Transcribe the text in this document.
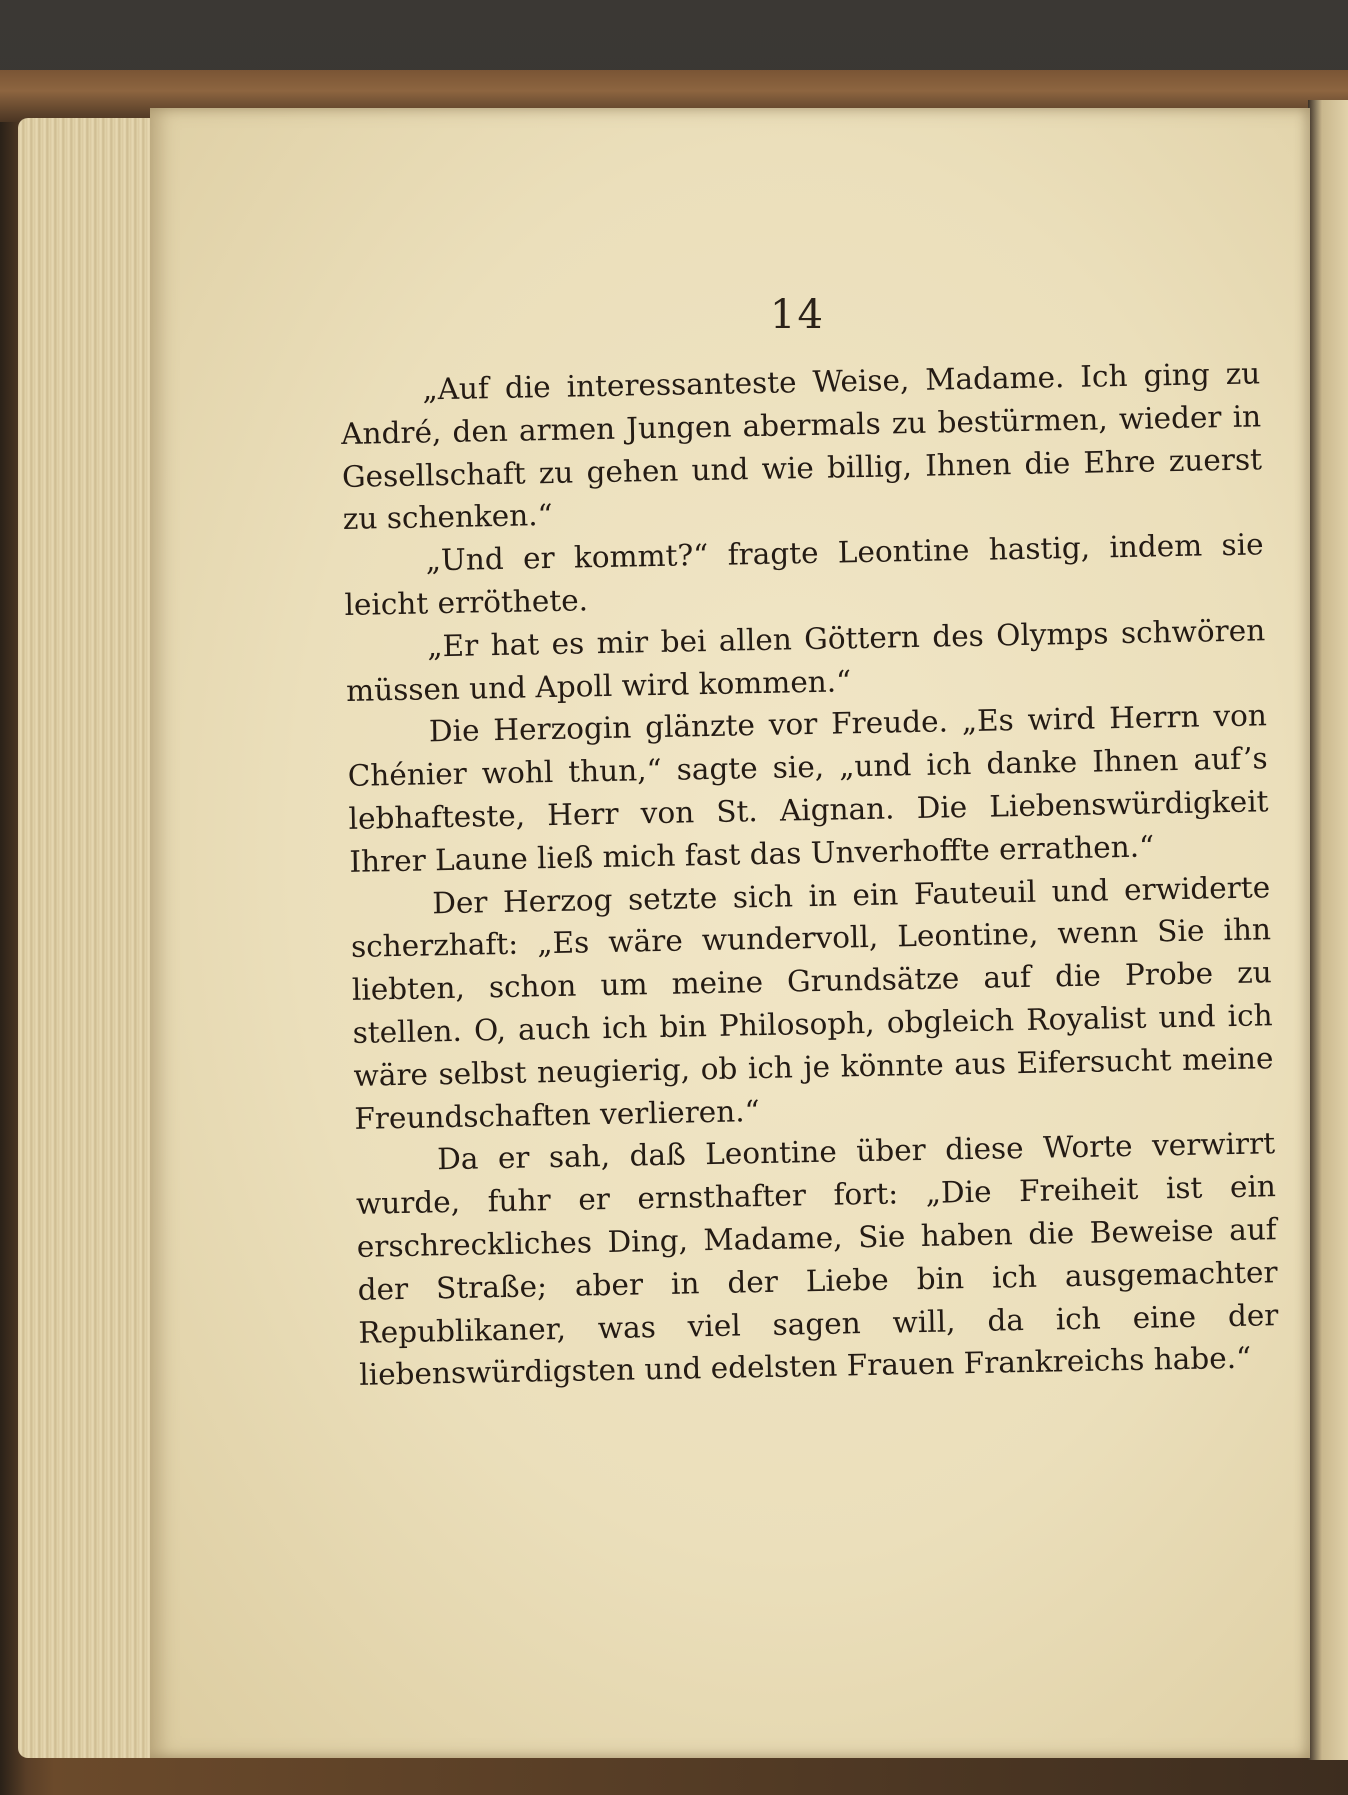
14

„Auf die interessanteste Weise, Madame. Ich ging zu André, den armen Jungen abermals zu bestürmen, wieder in Gesellschaft zu gehen und wie billig, Ihnen die Ehre zuerst zu schenken.“

„Und er kommt?“ fragte Leontine hastig, indem sie leicht erröthete.

„Er hat es mir bei allen Göttern des Olymps schwören müssen und Apoll wird kommen.“

Die Herzogin glänzte vor Freude. „Es wird Herrn von Chénier wohl thun,“ sagte sie, „und ich danke Ihnen auf’s lebhafteste, Herr von St. Aignan. Die Liebenswürdigkeit Ihrer Laune ließ mich fast das Unverhoffte errathen.“

Der Herzog setzte sich in ein Fauteuil und erwiderte scherzhaft: „Es wäre wundervoll, Leontine, wenn Sie ihn liebten, schon um meine Grundsätze auf die Probe zu stellen. O, auch ich bin Philosoph, obgleich Royalist und ich wäre selbst neugierig, ob ich je könnte aus Eifersucht meine Freundschaften verlieren.“

Da er sah, daß Leontine über diese Worte verwirrt wurde, fuhr er ernsthafter fort: „Die Freiheit ist ein erschreckliches Ding, Madame, Sie haben die Beweise auf der Straße; aber in der Liebe bin ich ausgemachter Republikaner, was viel sagen will, da ich eine der liebenswürdigsten und edelsten Frauen Frankreichs habe.“
